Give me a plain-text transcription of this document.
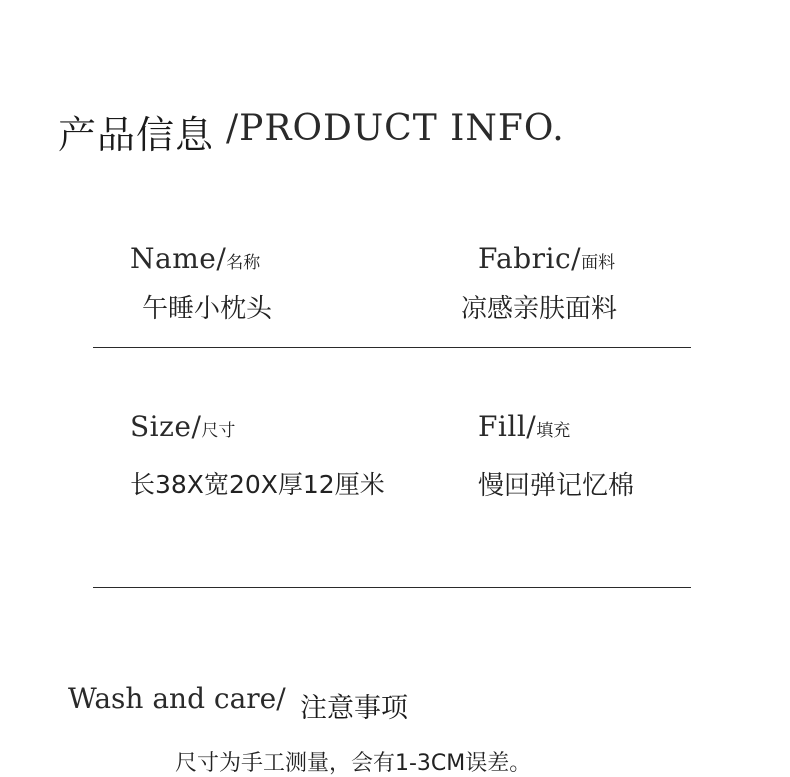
产品信息 /PRODUCT INFO.
Name/名称
午睡小枕头
Fabric/面料
凉感亲肤面料
Size/尺寸
长38X宽20X厚12厘米
Fill/填充
慢回弹记忆棉
Wash and care/ 注意事项
尺寸为手工测量，会有1-3CM误差。
